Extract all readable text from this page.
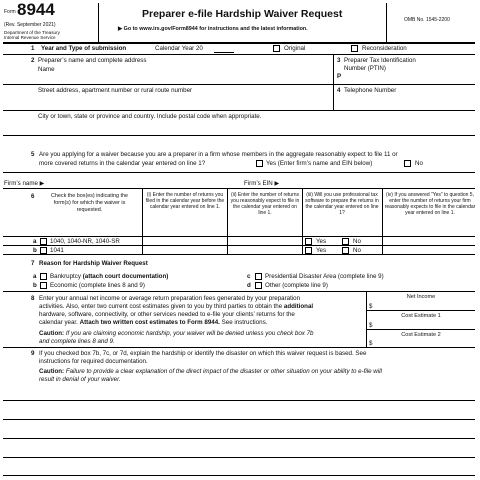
Form 8944
(Rev. September 2021)
Department of the Treasury
Internal Revenue Service
Preparer e-file Hardship Waiver Request
▶ Go to www.irs.gov/Form8944 for instructions and the latest information.
OMB No. 1545-2200
1 Year and Type of submission	Calendar Year 20	Original	Reconsideration
2 Preparer’s name and complete address
Name
3 Preparer Tax Identification
Number (PTIN)
P
Street address, apartment number or rural route number	4 Telephone Number
City or town, state or province and country. Include postal code when appropriate.
5 Are you applying for a waiver because you are a preparer in a firm whose members in the aggregate reasonably expect to file 11 or
more covered returns in the calendar year entered on line 1?	Yes (Enter firm’s name and EIN below)	No
Firm’s name ▶	Firm’s EIN ▶
6	Check the box(es) indicating the form(s) for which the waiver is requested.
(i) Enter the number of returns you filed in the calendar year before the calendar year entered on line 1.
(ii) Enter the number of returns you reasonably expect to file in the calendar year entered on line 1.
(iii) Will you use professional tax software to prepare the returns in the calendar year entered on line 1?
(iv) If you answered “Yes” to question 5, enter the number of returns your firm reasonably expects to file in the calendar year entered on line 1.
a 1040, 1040-NR, 1040-SR	Yes	No
b 1041	Yes	No
7 Reason for Hardship Waiver Request
a Bankruptcy (attach court documentation)
b Economic (complete lines 8 and 9)
c Presidential Disaster Area (complete line 9)
d Other (complete line 9)
8 Enter your annual net income or average return preparation fees generated by your preparation
activities. Also, enter two current cost estimates given to you by third parties to obtain the additional
hardware, software, connectivity, or other services needed to e-file your clients’ returns for the
calendar year. Attach two written cost estimates to Form 8944. See instructions.
Caution: If you are claiming economic hardship, your waiver will be denied unless you check box 7b
and complete lines 8 and 9.
Net Income
$
Cost Estimate 1
$
Cost Estimate 2
$
9 If you checked box 7b, 7c, or 7d, explain the hardship or identify the disaster on which this waiver request is based. See
instructions for required documentation.
Caution: Failure to provide a clear explanation of the direct impact of the disaster or other situation on your ability to e-file will
result in denial of your waiver.
